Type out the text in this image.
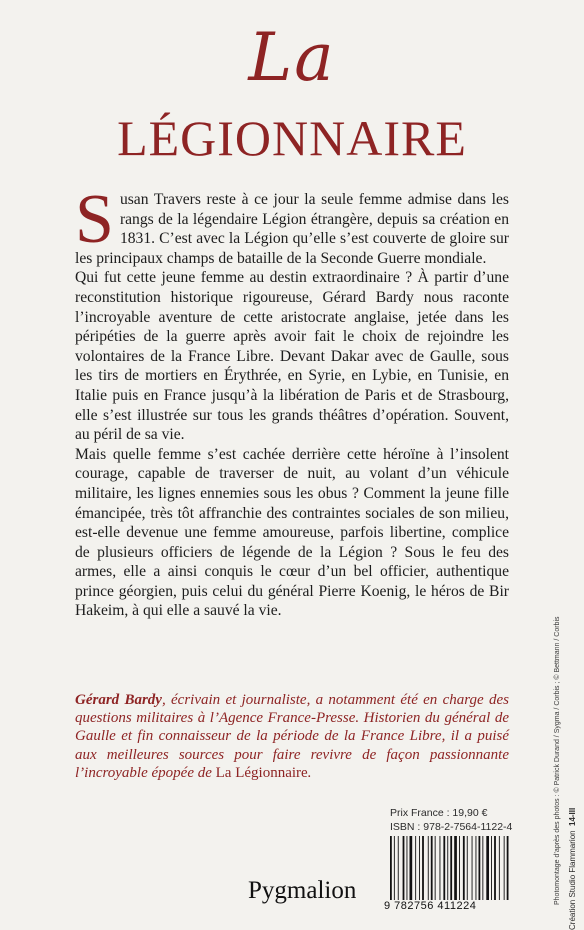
La
LÉGIONNAIRE

Susan Travers reste à ce jour la seule femme admise dans les rangs de la légendaire Légion étrangère, depuis sa création en 1831. C’est avec la Légion qu’elle s’est couverte de gloire sur les principaux champs de bataille de la Seconde Guerre mondiale.

Qui fut cette jeune femme au destin extraordinaire ? À partir d’une reconstitution historique rigoureuse, Gérard Bardy nous raconte l’incroyable aventure de cette aristocrate anglaise, jetée dans les péripéties de la guerre après avoir fait le choix de rejoindre les volontaires de la France Libre. Devant Dakar avec de Gaulle, sous les tirs de mortiers en Érythrée, en Syrie, en Lybie, en Tunisie, en Italie puis en France jusqu’à la libération de Paris et de Strasbourg, elle s’est illustrée sur tous les grands théâtres d’opération. Souvent, au péril de sa vie.

Mais quelle femme s’est cachée derrière cette héroïne à l’insolent courage, capable de traverser de nuit, au volant d’un véhicule militaire, les lignes ennemies sous les obus ? Comment la jeune fille émancipée, très tôt affranchie des contraintes sociales de son milieu, est-elle devenue une femme amoureuse, parfois libertine, complice de plusieurs officiers de légende de la Légion ? Sous le feu des armes, elle a ainsi conquis le cœur d’un bel officier, authentique prince géorgien, puis celui du général Pierre Koenig, le héros de Bir Hakeim, à qui elle a sauvé la vie.

Gérard Bardy, écrivain et journaliste, a notamment été en charge des questions militaires à l’Agence France-Presse. Historien du général de Gaulle et fin connaisseur de la période de la France Libre, il a puisé aux meilleures sources pour faire revivre de façon passionnante l’incroyable épopée de La Légionnaire.
Prix France : 19,90 €
ISBN : 978-2-7564-1122-4
9 782756 411224
Pygmalion	Création Studio Flammarion
Photomontage d’après des photos : © Patrick Durand / Sygma / Corbis ; © Bettmann / Corbis 14-III
